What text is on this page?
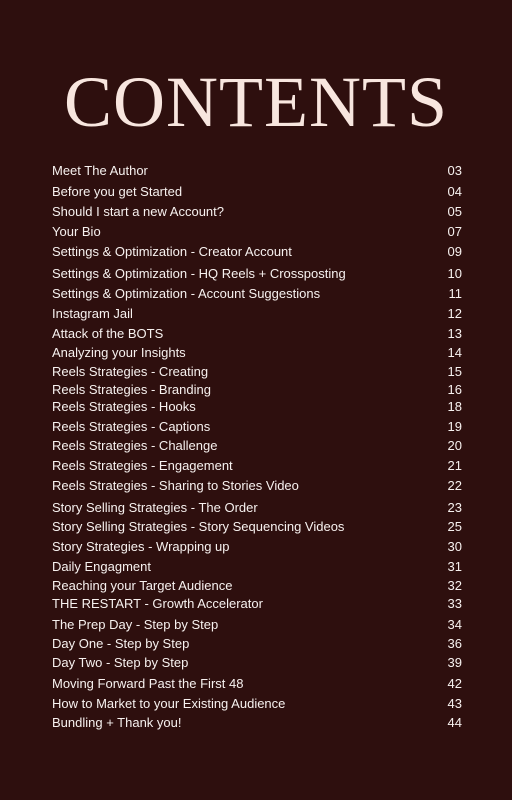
CONTENTS
Meet The Author	03
Before you get Started	04
Should I start a new Account?	05
Your Bio	07
Settings & Optimization - Creator Account	09
Settings & Optimization - HQ Reels + Crossposting	10
Settings & Optimization - Account Suggestions	11
Instagram Jail	12
Attack of the BOTS	13
Analyzing your Insights	14
Reels Strategies - Creating	15
Reels Strategies - Branding	16
Reels Strategies - Hooks	18
Reels Strategies - Captions	19
Reels Strategies - Challenge	20
Reels Strategies - Engagement	21
Reels Strategies - Sharing to Stories Video	22
Story Selling Strategies - The Order	23
Story Selling Strategies - Story Sequencing Videos	25
Story Strategies - Wrapping up	30
Daily Engagment	31
Reaching your Target Audience	32
THE RESTART - Growth Accelerator	33
The Prep Day - Step by Step	34
Day One - Step by Step	36
Day Two - Step by Step	39
Moving Forward Past the First 48	42
How to Market to your Existing Audience	43
Bundling + Thank you!	44
